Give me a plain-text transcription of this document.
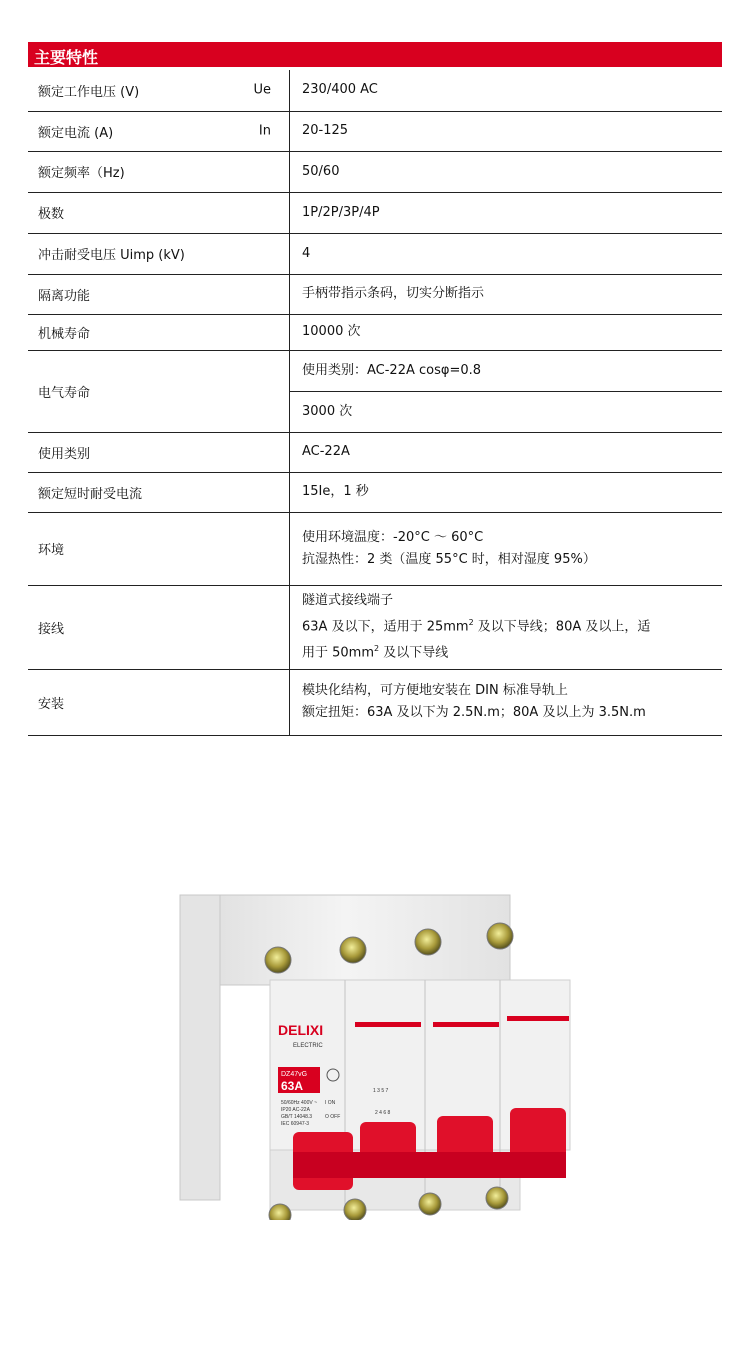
主要特性
额定工作电压 (V) Ue	230/400 AC
额定电流 (A) In	20-125
额定频率（Hz)	50/60
极数	1P/2P/3P/4P
冲击耐受电压 Uimp (kV)	4
隔离功能	手柄带指示条码，切实分断指示
机械寿命	10000 次
电气寿命	使用类别：AC-22A cosφ=0.8
	3000 次
使用类别	AC-22A
额定短时耐受电流	15Ie，1 秒
环境	使用环境温度：-20°C ～ 60°C
抗湿热性：2 类（温度 55°C 时，相对湿度 95%）

接线	隧道式接线端子
63A 及以下，适用于 $25mm^2$ 及以下导线；80A 及以上，适
用于 $50mm^2$ 及以下导线

安装	模块化结构，可方便地安装在 DIN 标准导轨上
额定扭矩：63A 及以下为 2.5N.m；80A 及以上为 3.5N.m
DELIXI
ELECTRIC
DZ47vG
63A
50/60Hz 400V ~
IP20 AC-22A
GB/T 14048.3
IEC 60947-3
I ON
O OFF
1 3 5 7
2 4 6 8
